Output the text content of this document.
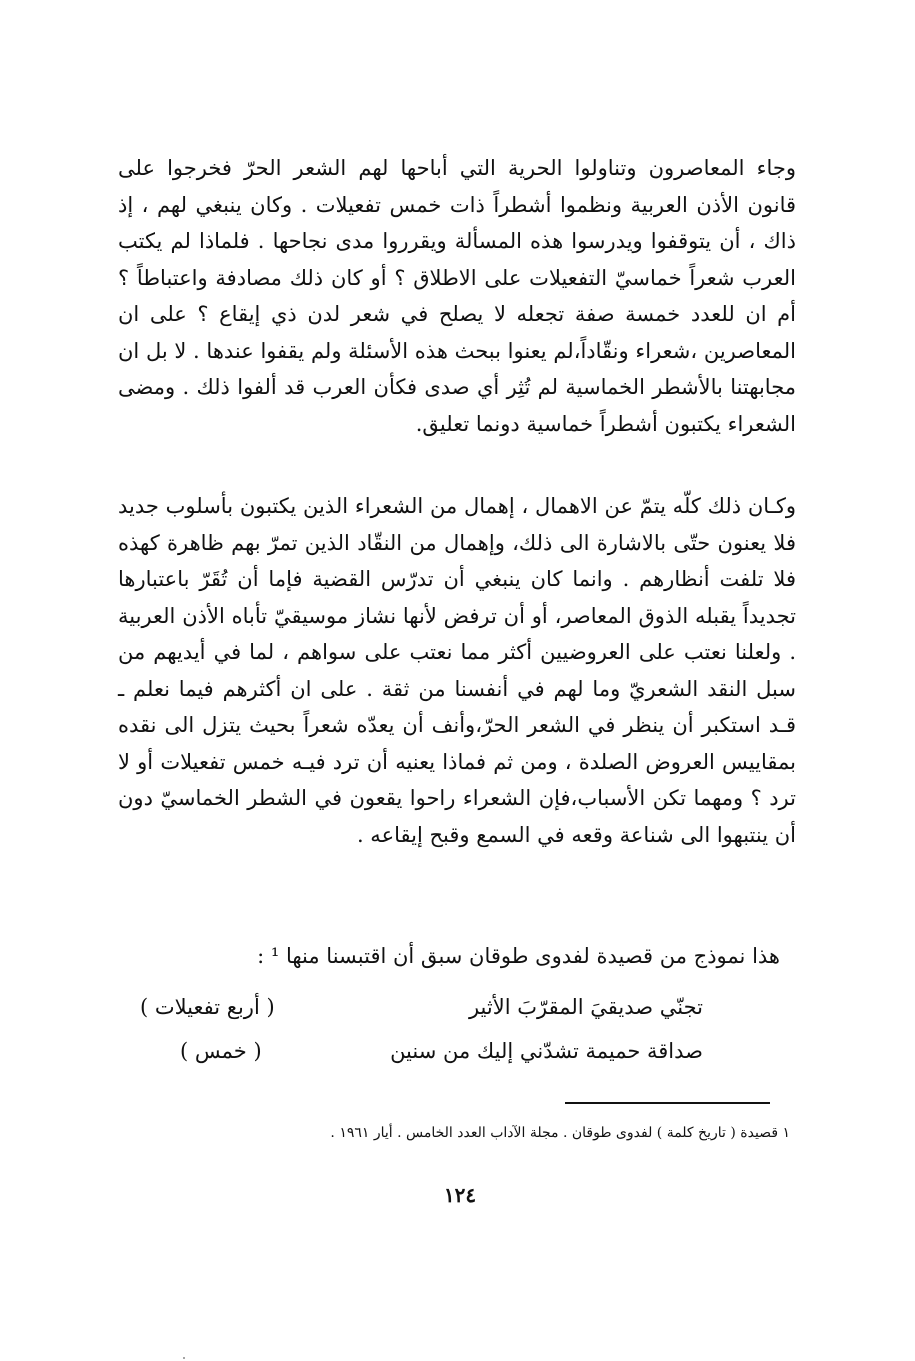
وجاء المعاصرون وتناولوا الحرية التي أباحها لهم الشعر الحرّ فخرجوا على قانون الأذن العربية ونظموا أشطراً ذات خمس تفعيلات . وكان ينبغي لهم ، إذ ذاك ، أن يتوقفوا ويدرسوا هذه المسألة ويقرروا مدى نجاحها . فلماذا لم يكتب العرب شعراً خماسيّ التفعيلات على الاطلاق ؟ أو كان ذلك مصادفة واعتباطاً ؟ أم ان للعدد خمسة صفة تجعله لا يصلح في شعر لدن ذي إيقاع ؟ على ان المعاصرين ،شعراء ونقّاداً،لم يعنوا ببحث هذه الأسئلة ولم يقفوا عندها . لا بل ان مجابهتنا بالأشطر الخماسية لم تُثِر أي صدى فكأن العرب قد ألفوا ذلك . ومضى الشعراء يكتبون أشطراً خماسية دونما تعليق.

وكـان ذلك كلّه يتمّ عن الاهمال ، إهمال من الشعراء الذين يكتبون بأسلوب جديد فلا يعنون حتّى بالاشارة الى ذلك، وإهمال من النقّاد الذين تمرّ بهم ظاهرة كهذه فلا تلفت أنظارهم . وانما كان ينبغي أن تدرّس القضية فإما أن تُقَرّ باعتبارها تجديداً يقبله الذوق المعاصر، أو أن ترفض لأنها نشاز موسيقيّ تأباه الأذن العربية . ولعلنا نعتب على العروضيين أكثر مما نعتب على سواهم ، لما في أيديهم من سبل النقد الشعريّ وما لهم في أنفسنا من ثقة . على ان أكثرهم فيما نعلم ـ قـد استكبر أن ينظر في الشعر الحرّ،وأنف أن يعدّه شعراً بحيث يتزل الى نقده بمقاييس العروض الصلدة ، ومن ثم فماذا يعنيه أن ترد فيـه خمس تفعيلات أو لا ترد ؟ ومهما تكن الأسباب،فإن الشعراء راحوا يقعون في الشطر الخماسيّ دون أن ينتبهوا الى شناعة وقعه في السمع وقبح إيقاعه .

هذا نموذج من قصيدة لفدوى طوقان سبق أن اقتبسنا منها ¹ :

تجنّي صديقيَ المقرّبَ الأثير
( أربع تفعيلات )
صداقة حميمة تشدّني إليك من سنين
( خمس )
١ قصيدة ( تاريخ كلمة ) لفدوى طوقان . مجلة الآداب العدد الخامس . أيار ١٩٦١ .
١٢٤
